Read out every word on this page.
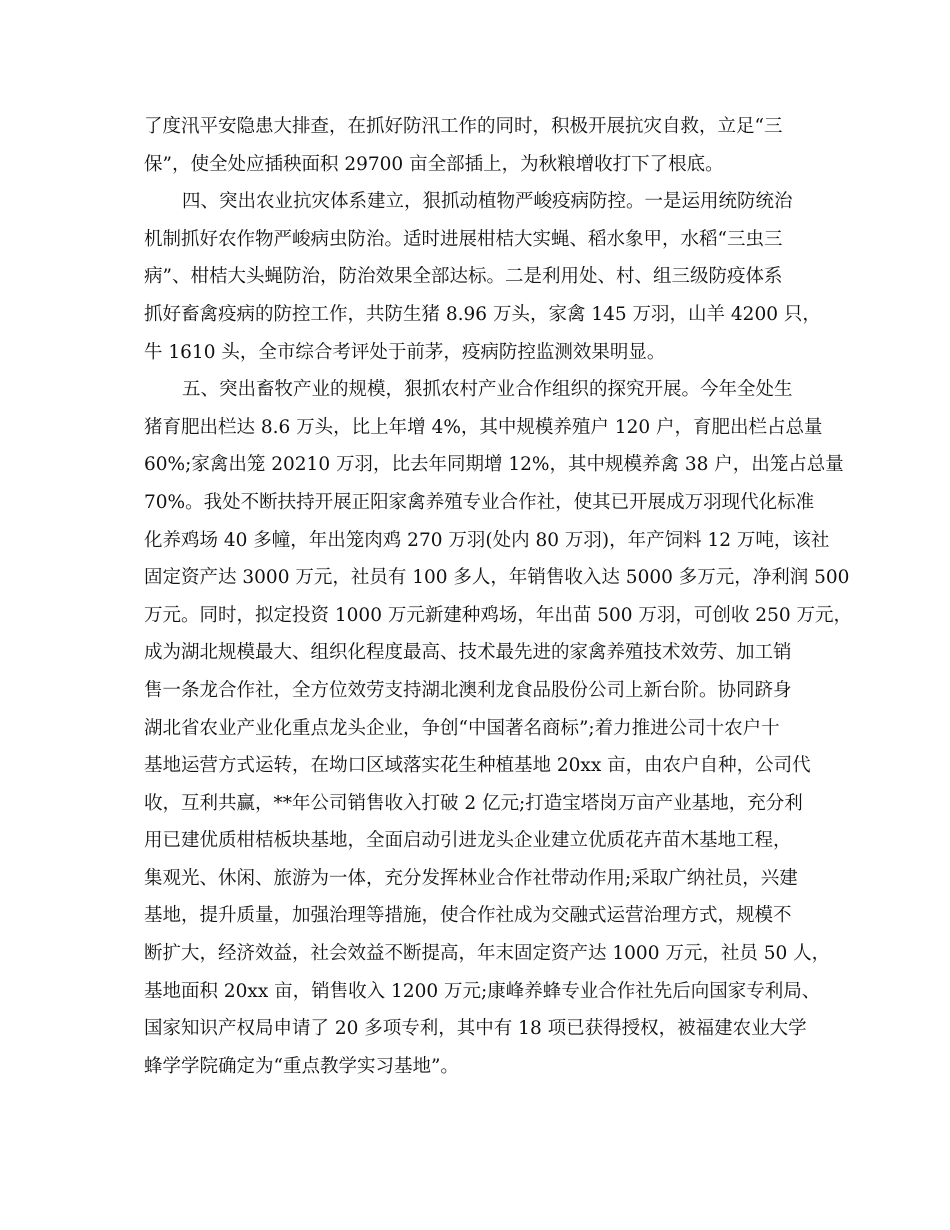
了度汛平安隐患大排查，在抓好防汛工作的同时，积极开展抗灾自救，立足“三
保”，使全处应插秧面积 29700 亩全部插上，为秋粮增收打下了根底。
四、突出农业抗灾体系建立，狠抓动植物严峻疫病防控。一是运用统防统治
机制抓好农作物严峻病虫防治。适时进展柑桔大实蝇、稻水象甲，水稻“三虫三
病”、柑桔大头蝇防治，防治效果全部达标。二是利用处、村、组三级防疫体系
抓好畜禽疫病的防控工作，共防生猪 8.96 万头，家禽 145 万羽，山羊 4200 只，
牛 1610 头，全市综合考评处于前茅，疫病防控监测效果明显。
五、突出畜牧产业的规模，狠抓农村产业合作组织的探究开展。今年全处生
猪育肥出栏达 8.6 万头，比上年增 4%，其中规模养殖户 120 户，育肥出栏占总量
60%;家禽出笼 20210 万羽，比去年同期增 12%，其中规模养禽 38 户，出笼占总量
70%。我处不断扶持开展正阳家禽养殖专业合作社，使其已开展成万羽现代化标准
化养鸡场 40 多幢，年出笼肉鸡 270 万羽(处内 80 万羽)，年产饲料 12 万吨，该社
固定资产达 3000 万元，社员有 100 多人，年销售收入达 5000 多万元，净利润 500
万元。同时，拟定投资 1000 万元新建种鸡场，年出苗 500 万羽，可创收 250 万元，
成为湖北规模最大、组织化程度最高、技术最先进的家禽养殖技术效劳、加工销
售一条龙合作社，全方位效劳支持湖北澳利龙食品股份公司上新台阶。协同跻身
湖北省农业产业化重点龙头企业，争创“中国著名商标”;着力推进公司十农户十
基地运营方式运转，在坳口区域落实花生种植基地 20xx 亩，由农户自种，公司代
收，互利共赢，**年公司销售收入打破 2 亿元;打造宝塔岗万亩产业基地，充分利
用已建优质柑桔板块基地，全面启动引进龙头企业建立优质花卉苗木基地工程，
集观光、休闲、旅游为一体，充分发挥林业合作社带动作用;采取广纳社员，兴建
基地，提升质量，加强治理等措施，使合作社成为交融式运营治理方式，规模不
断扩大，经济效益，社会效益不断提高，年末固定资产达 1000 万元，社员 50 人，
基地面积 20xx 亩，销售收入 1200 万元;康峰养蜂专业合作社先后向国家专利局、
国家知识产权局申请了 20 多项专利，其中有 18 项已获得授权，被福建农业大学
蜂学学院确定为“重点教学实习基地”。
